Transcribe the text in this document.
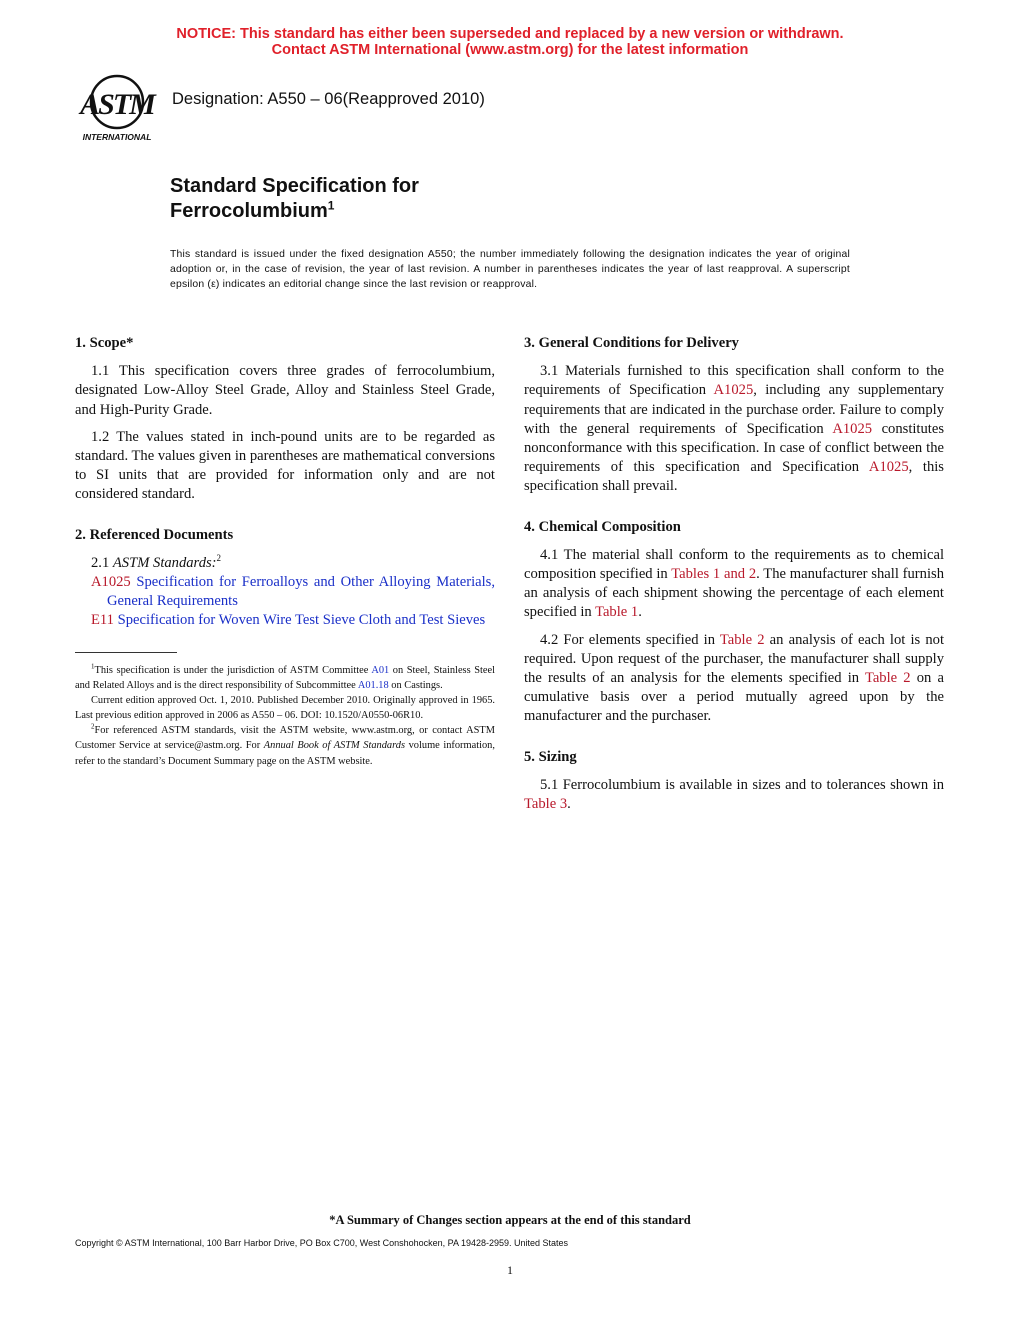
NOTICE: This standard has either been superseded and replaced by a new version or withdrawn.
Contact ASTM International (www.astm.org) for the latest information
ASTM
INTERNATIONAL
Designation: A550 – 06(Reapproved 2010)
Standard Specification for
Ferrocolumbium$^1$
This standard is issued under the fixed designation A550; the number immediately following the designation indicates the year of original adoption or, in the case of revision, the year of last revision. A number in parentheses indicates the year of last reapproval. A superscript epsilon (ε) indicates an editorial change since the last revision or reapproval.
1. Scope*

1.1 This specification covers three grades of ferrocolumbium, designated Low-Alloy Steel Grade, Alloy and Stainless Steel Grade, and High-Purity Grade.

1.2 The values stated in inch-pound units are to be regarded as standard. The values given in parentheses are mathematical conversions to SI units that are provided for information only and are not considered standard.

2. Referenced Documents

2.1 ASTM Standards:$^2$

A1025 Specification for Ferroalloys and Other Alloying Materials, General Requirements
E11 Specification for Woven Wire Test Sieve Cloth and Test Sieves

$^1$This specification is under the jurisdiction of ASTM Committee A01 on Steel, Stainless Steel and Related Alloys and is the direct responsibility of Subcommittee A01.18 on Castings.

Current edition approved Oct. 1, 2010. Published December 2010. Originally approved in 1965. Last previous edition approved in 2006 as A550 – 06. DOI: 10.1520/A0550-06R10.

$^2$For referenced ASTM standards, visit the ASTM website, www.astm.org, or contact ASTM Customer Service at service@astm.org. For Annual Book of ASTM Standards volume information, refer to the standard’s Document Summary page on the ASTM website.

3. General Conditions for Delivery

3.1 Materials furnished to this specification shall conform to the requirements of Specification A1025, including any supplementary requirements that are indicated in the purchase order. Failure to comply with the general requirements of Specification A1025 constitutes nonconformance with this specification. In case of conflict between the requirements of this specification and Specification A1025, this specification shall prevail.

4. Chemical Composition

4.1 The material shall conform to the requirements as to chemical composition specified in Tables 1 and 2. The manufacturer shall furnish an analysis of each shipment showing the percentage of each element specified in Table 1.

4.2 For elements specified in Table 2 an analysis of each lot is not required. Upon request of the purchaser, the manufacturer shall supply the results of an analysis for the elements specified in Table 2 on a cumulative basis over a period mutually agreed upon by the manufacturer and the purchaser.

5. Sizing

5.1 Ferrocolumbium is available in sizes and to tolerances shown in Table 3.

*A Summary of Changes section appears at the end of this standard
Copyright © ASTM International, 100 Barr Harbor Drive, PO Box C700, West Conshohocken, PA 19428-2959. United States
1
